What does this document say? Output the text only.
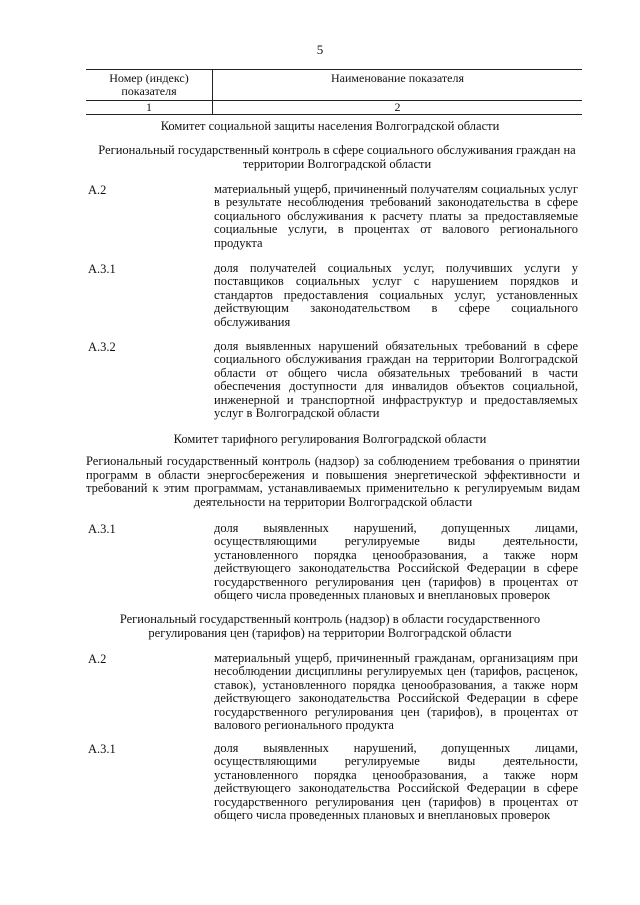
5
Номер (индекс) показателя	Наименование показателя
1	2
Комитет социальной защиты населения Волгоградской области
Региональный государственный контроль в сфере социального обслуживания граждан на территории Волгоградской области
А.2	материальный ущерб, причиненный получателям социальных услуг в результате несоблюдения требований законодательства в сфере социального обслуживания к расчету платы за предоставляемые социальные услуги, в процентах от валового регионального продукта
А.3.1	доля получателей социальных услуг, получивших услуги у поставщиков социальных услуг с нарушением порядков и стандартов предоставления социальных услуг, установленных действующим законодательством в сфере социального обслуживания
А.3.2	доля выявленных нарушений обязательных требований в сфере социального обслуживания граждан на территории Волгоградской области от общего числа обязательных требований в части обеспечения доступности для инвалидов объектов социальной, инженерной и транспортной инфраструктур и предоставляемых услуг в Волгоградской области
Комитет тарифного регулирования Волгоградской области
Региональный государственный контроль (надзор) за соблюдением требования о принятии программ в области энергосбережения и повышения энергетической эффективности и требований к этим программам, устанавливаемых применительно к регулируемым видам деятельности на территории Волгоградской области
А.3.1	доля выявленных нарушений, допущенных лицами, осуществляющими регулируемые виды деятельности, установленного порядка ценообразования, а также норм действующего законодательства Российской Федерации в сфере государственного регулирования цен (тарифов) в процентах от общего числа проведенных плановых и внеплановых проверок
Региональный государственный контроль (надзор) в области государственного регулирования цен (тарифов) на территории Волгоградской области
А.2	материальный ущерб, причиненный гражданам, организациям при несоблюдении дисциплины регулируемых цен (тарифов, расценок, ставок), установленного порядка ценообразования, а также норм действующего законодательства Российской Федерации в сфере государственного регулирования цен (тарифов), в процентах от валового регионального продукта
А.3.1	доля выявленных нарушений, допущенных лицами, осуществляющими регулируемые виды деятельности, установленного порядка ценообразования, а также норм действующего законодательства Российской Федерации в сфере государственного регулирования цен (тарифов) в процентах от общего числа проведенных плановых и внеплановых проверок
